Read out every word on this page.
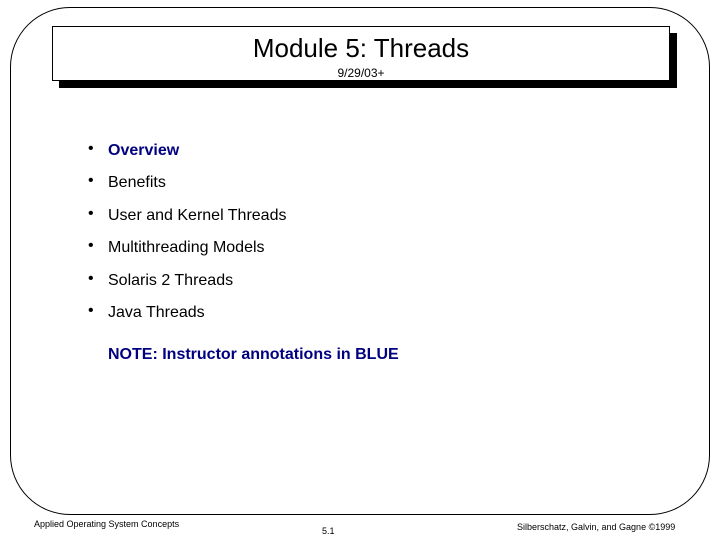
Module 5: Threads
9/29/03+
• Overview
• Benefits
• User and Kernel Threads
• Multithreading Models
• Solaris 2 Threads
• Java Threads
NOTE: Instructor annotations in BLUE
Applied Operating System Concepts
5.1	Silberschatz, Galvin, and Gagne ©1999
